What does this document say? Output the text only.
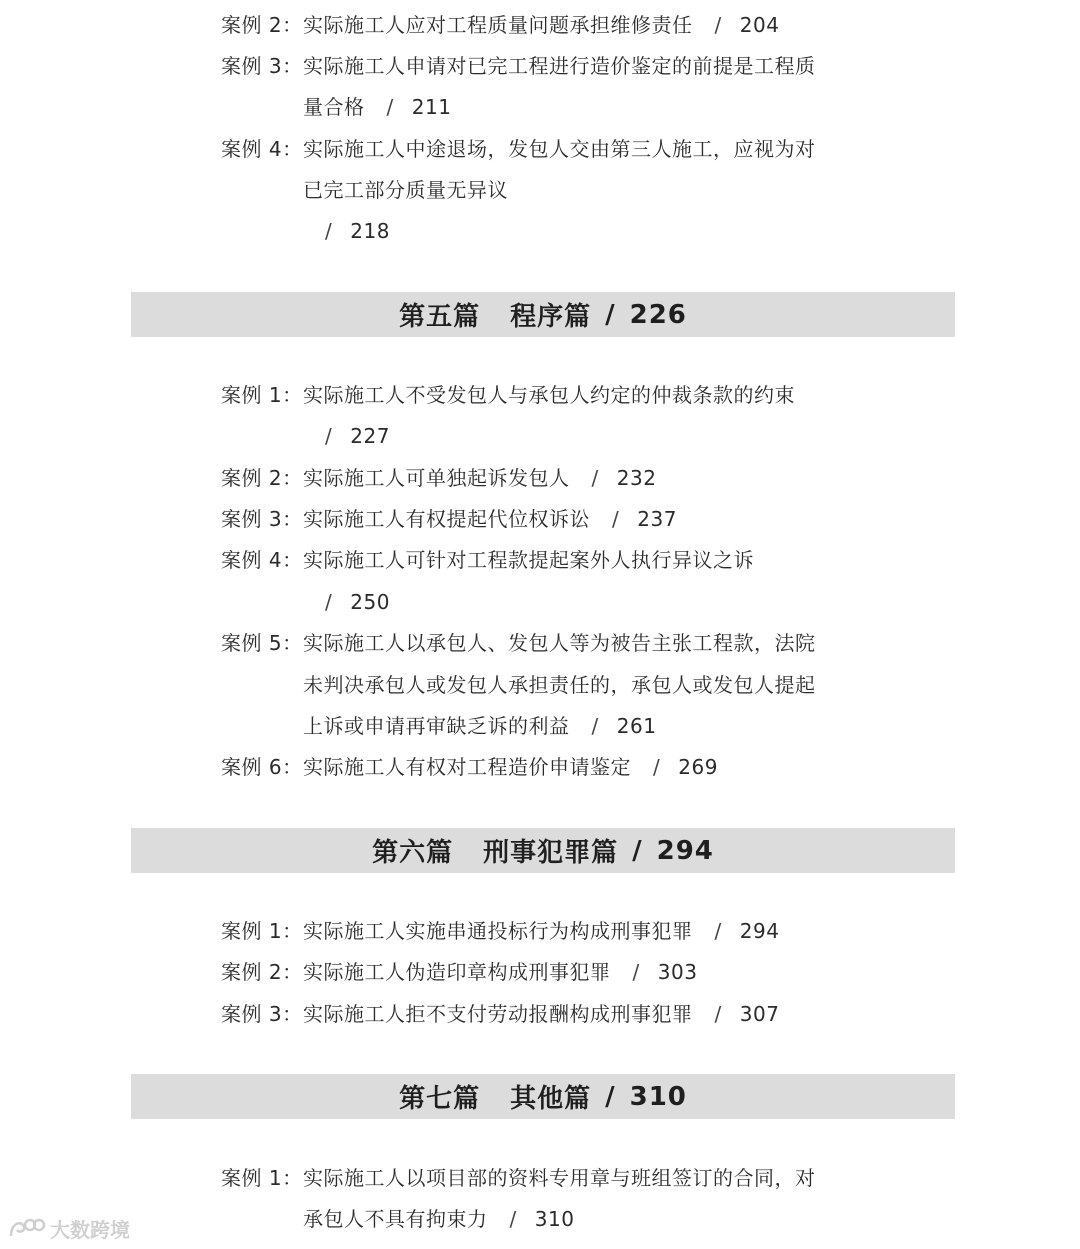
案例 2： 实际施工人应对工程质量问题承担维修责任 / 204
案例 3： 实际施工人申请对已完工程进行造价鉴定的前提是工程质
量合格 / 211
案例 4： 实际施工人中途退场，发包人交由第三人施工，应视为对
已完工部分质量无异议
/ 218
第五篇 程序篇 / 226
案例 1： 实际施工人不受发包人与承包人约定的仲裁条款的约束
/ 227
案例 2： 实际施工人可单独起诉发包人 / 232
案例 3： 实际施工人有权提起代位权诉讼 / 237
案例 4： 实际施工人可针对工程款提起案外人执行异议之诉
/ 250
案例 5： 实际施工人以承包人、发包人等为被告主张工程款，法院
未判决承包人或发包人承担责任的，承包人或发包人提起
上诉或申请再审缺乏诉的利益 / 261
案例 6： 实际施工人有权对工程造价申请鉴定 / 269
第六篇 刑事犯罪篇 / 294
案例 1： 实际施工人实施串通投标行为构成刑事犯罪 / 294
案例 2： 实际施工人伪造印章构成刑事犯罪 / 303
案例 3： 实际施工人拒不支付劳动报酬构成刑事犯罪 / 307
第七篇 其他篇 / 310
案例 1： 实际施工人以项目部的资料专用章与班组签订的合同，对
承包人不具有拘束力 / 310
大数跨境
